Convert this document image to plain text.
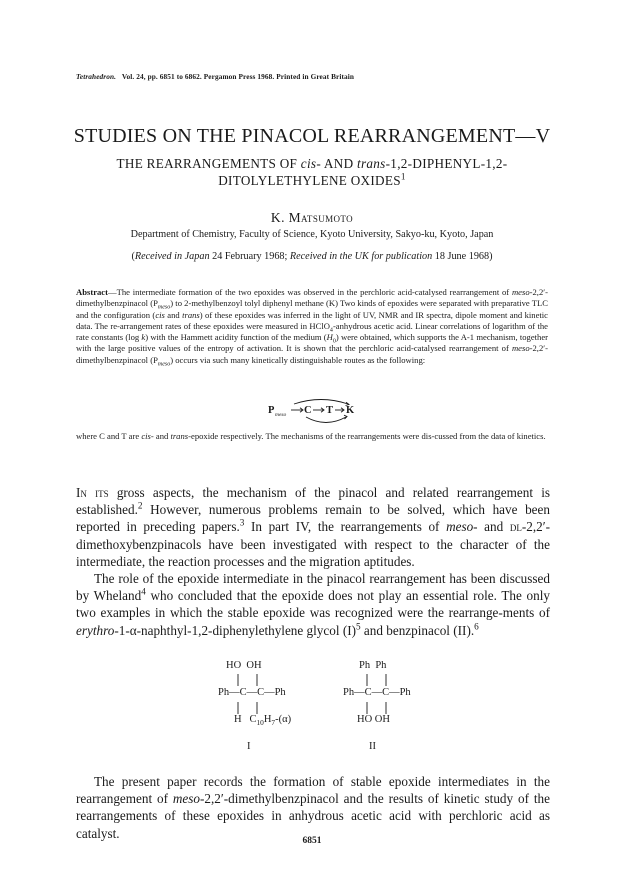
Tetrahedron. Vol. 24, pp. 6851 to 6862. Pergamon Press 1968. Printed in Great Britain
STUDIES ON THE PINACOL REARRANGEMENT—V
THE REARRANGEMENTS OF cis- AND trans-1,2-DIPHENYL-1,2-
DITOLYLETHYLENE OXIDES$^1$
K. Matsumoto
Department of Chemistry, Faculty of Science, Kyoto University, Sakyo-ku, Kyoto, Japan
(Received in Japan 24 February 1968; Received in the UK for publication 18 June 1968)
Abstract—The intermediate formation of the two epoxides was observed in the perchloric acid-catalysed rearrangement of meso-2,2′-dimethylbenzpinacol $(P_{meso})$ to 2-methylbenzoyl tolyl diphenyl methane (K) Two kinds of epoxides were separated with preparative TLC and the configuration (cis and trans) of these epoxides was inferred in the light of UV, NMR and IR spectra, dipole moment and kinetic data. The re-arrangement rates of these epoxides were measured in HClO$_4$-anhydrous acetic acid. Linear correlations of logarithm of the rate constants (log k) with the Hammett acidity function of the medium $(H_0)$ were obtained, which supports the A-1 mechanism, together with the large positive values of the entropy of activation. It is shown that the perchloric acid-catalysed rearrangement of meso-2,2′-dimethylbenzpinacol $(P_{meso})$ occurs via such many kinetically distinguishable routes as the following:
P meso C T K
where C and T are cis- and trans-epoxide respectively. The mechanisms of the rearrangements were dis-cussed from the data of kinetics.
In its gross aspects, the mechanism of the pinacol and related rearrangement is established.$^2$ However, numerous problems remain to be solved, which have been reported in preceding papers.$^3$ In part IV, the rearrangements of meso- and dl-2,2′-dimethoxybenzpinacols have been investigated with respect to the character of the intermediate, the reaction processes and the migration aptitudes.
The role of the epoxide intermediate in the pinacol rearrangement has been discussed by Wheland$^4$ who concluded that the epoxide does not play an essential role. The only two examples in which the stable epoxide was recognized were the rearrange-ments of erythro-1-α-naphthyl-1,2-diphenylethylene glycol $(I)^5$ and benzpinacol (II).$^6$
HO  OH
Ph—C—C—Ph
H   $C_{10}H_7-(\alpha)$
I
Ph  Ph
Ph—C—C—Ph
HO OH
II
The present paper records the formation of stable epoxide intermediates in the rearrangement of meso-2,2′-dimethylbenzpinacol and the results of kinetic study of the rearrangements of these epoxides in anhydrous acetic acid with perchloric acid as catalyst.
6851
